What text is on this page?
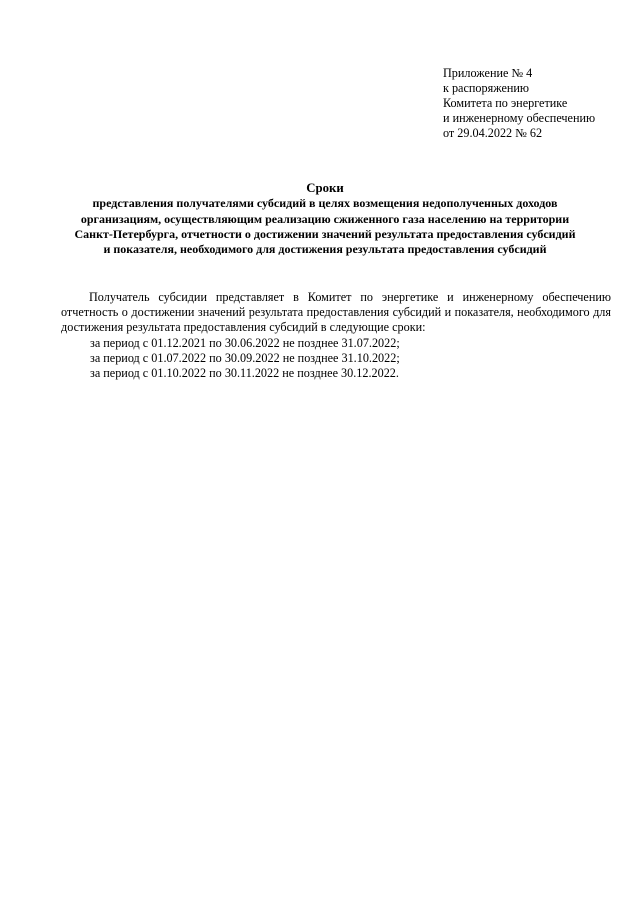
Приложение № 4
к распоряжению
Комитета по энергетике
и инженерному обеспечению
от 29.04.2022 № 62
Сроки
представления получателями субсидий в целях возмещения недополученных доходов
организациям, осуществляющим реализацию сжиженного газа населению на территории
Санкт-Петербурга, отчетности о достижении значений результата предоставления субсидий
и показателя, необходимого для достижения результата предоставления субсидий

Получатель субсидии представляет в Комитет по энергетике и инженерному обеспечению отчетность о достижении значений результата предоставления субсидий и показателя, необходимого для достижения результата предоставления субсидий в следующие сроки:

за период с 01.12.2021 по 30.06.2022 не позднее 31.07.2022;
за период с 01.07.2022 по 30.09.2022 не позднее 31.10.2022;
за период с 01.10.2022 по 30.11.2022 не позднее 30.12.2022.
